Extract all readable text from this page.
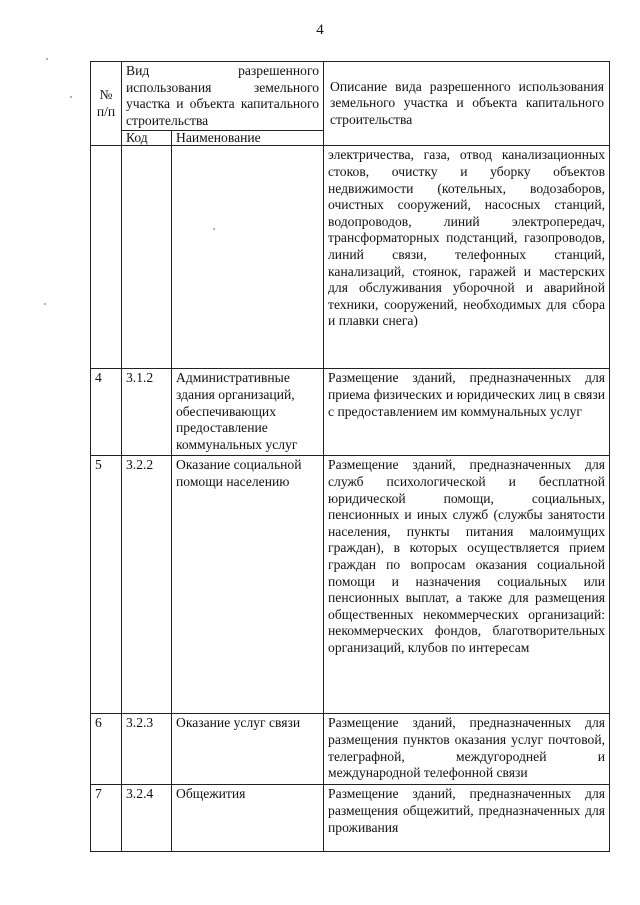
4
№ п/п	Вид разрешенного использования земельного участка и объекта капитального строительства		Описание вида разрешенного использования земельного участка и объекта капитального строительства
	Код	Наименование	
			электричества, газа, отвод канализационных стоков, очистку и уборку объектов недвижимости (котельных, водозаборов, очистных сооружений, насосных станций, водопроводов, линий электропередач, трансформаторных подстанций, газопроводов, линий связи, телефонных станций, канализаций, стоянок, гаражей и мастерских для обслуживания уборочной и аварийной техники, сооружений, необходимых для сбора и плавки снега)
4	3.1.2	Административные здания организаций, обеспечивающих предоставление коммунальных услуг	Размещение зданий, предназначенных для приема физических и юридических лиц в связи с предоставлением им коммунальных услуг
5	3.2.2	Оказание социальной помощи населению	Размещение зданий, предназначенных для служб психологической и бесплатной юридической помощи, социальных, пенсионных и иных служб (службы занятости населения, пункты питания малоимущих граждан), в которых осуществляется прием граждан по вопросам оказания социальной помощи и назначения социальных или пенсионных выплат, а также для размещения общественных некоммерческих организаций: некоммерческих фондов, благотворительных организаций, клубов по интересам
6	3.2.3	Оказание услуг связи	Размещение зданий, предназначенных для размещения пунктов оказания услуг почтовой, телеграфной, междугородней и международной телефонной связи
7	3.2.4	Общежития	Размещение зданий, предназначенных для размещения общежитий, предназначенных для проживания
